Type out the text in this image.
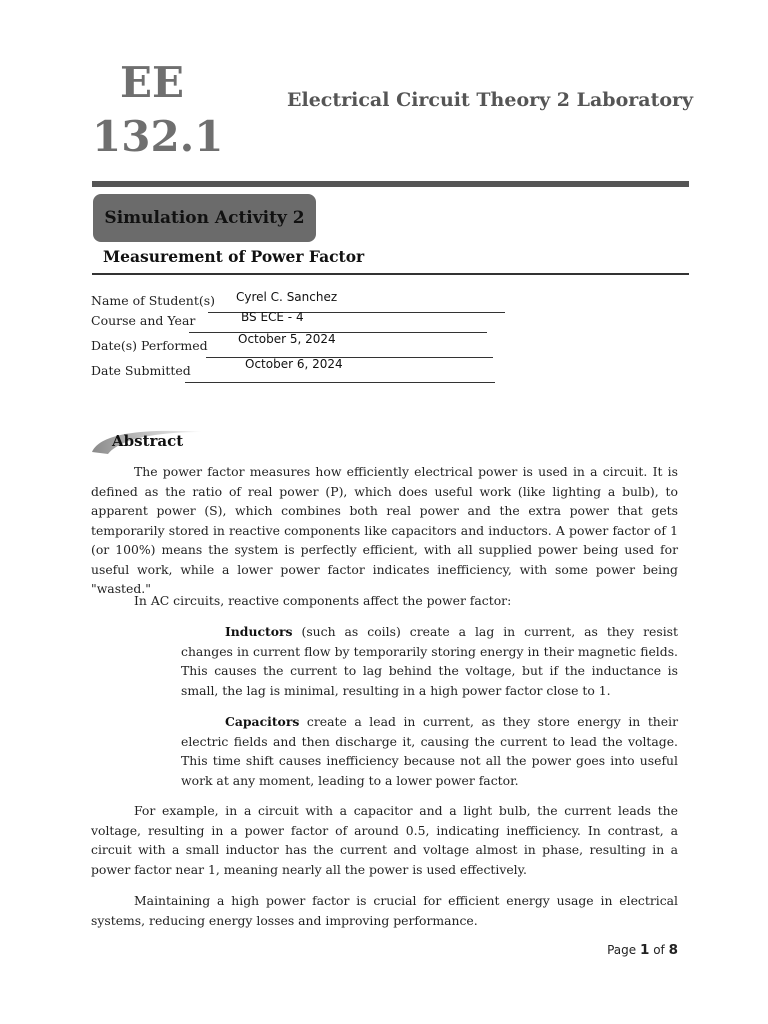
EE
132.1
Electrical Circuit Theory 2 Laboratory
Simulation Activity 2
Measurement of Power Factor
Name of Student(s) Cyrel C. Sanchez
Course and Year	BS ECE - 4
Date(s) Performed	October 5, 2024
Date Submitted	October 6, 2024
Abstract
The power factor measures how efficiently electrical power is used in a circuit. It is defined as the ratio of real power (P), which does useful work (like lighting a bulb), to apparent power (S), which combines both real power and the extra power that gets temporarily stored in reactive components like capacitors and inductors. A power factor of 1 (or 100%) means the system is perfectly efficient, with all supplied power being used for useful work, while a lower power factor indicates inefficiency, with some power being "wasted."
In AC circuits, reactive components affect the power factor:
Inductors (such as coils) create a lag in current, as they resist changes in current flow by temporarily storing energy in their magnetic fields. This causes the current to lag behind the voltage, but if the inductance is small, the lag is minimal, resulting in a high power factor close to 1.
Capacitors create a lead in current, as they store energy in their electric fields and then discharge it, causing the current to lead the voltage. This time shift causes inefficiency because not all the power goes into useful work at any moment, leading to a lower power factor.
For example, in a circuit with a capacitor and a light bulb, the current leads the voltage, resulting in a power factor of around 0.5, indicating inefficiency. In contrast, a circuit with a small inductor has the current and voltage almost in phase, resulting in a power factor near 1, meaning nearly all the power is used effectively.
Maintaining a high power factor is crucial for efficient energy usage in electrical systems, reducing energy losses and improving performance.
Page 1 of 8
